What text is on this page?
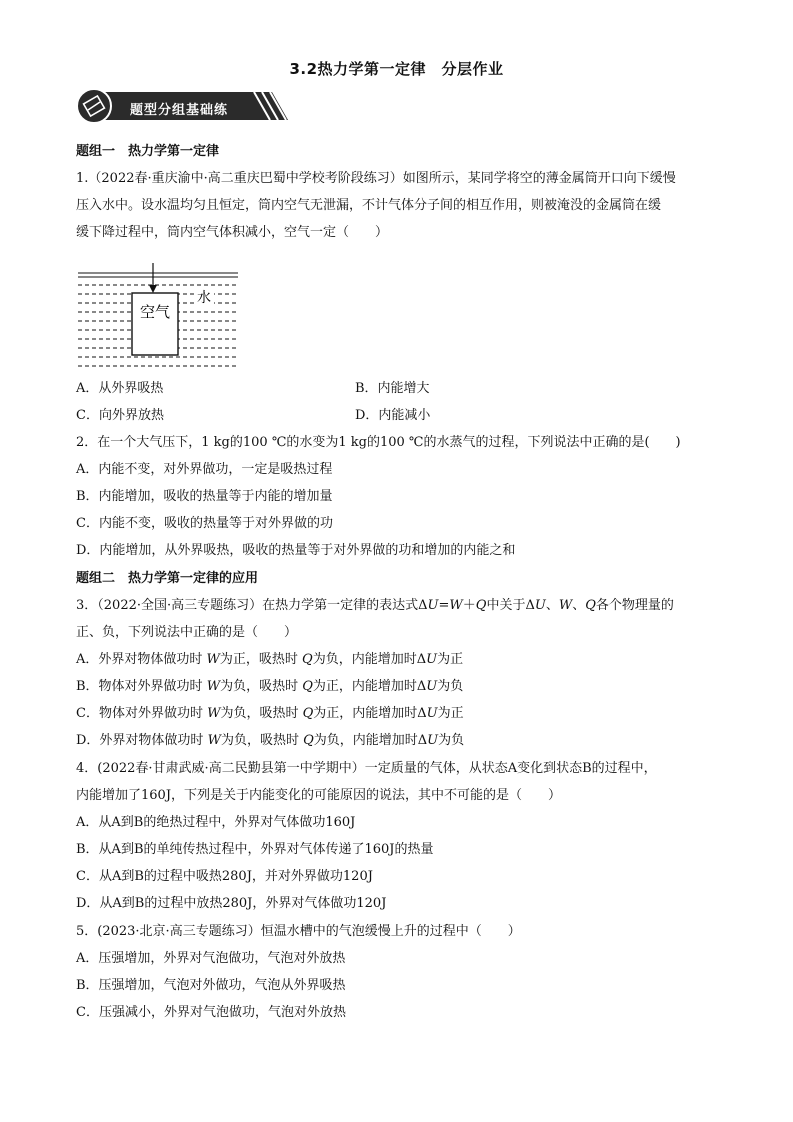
3.2热力学第一定律　分层作业
题型分组基础练
题组一　热力学第一定律
1.（2022春·重庆渝中·高二重庆巴蜀中学校考阶段练习）如图所示，某同学将空的薄金属筒开口向下缓慢
压入水中。设水温均匀且恒定，筒内空气无泄漏，不计气体分子间的相互作用，则被淹没的金属筒在缓
缓下降过程中，筒内空气体积减小，空气一定（　　）
空气
水
A．从外界吸热	B．内能增大
C．向外界放热	D．内能减小
2．在一个大气压下，1 kg的100 ℃的水变为1 kg的100 ℃的水蒸气的过程，下列说法中正确的是(　　)
A．内能不变，对外界做功，一定是吸热过程
B．内能增加，吸收的热量等于内能的增加量
C．内能不变，吸收的热量等于对外界做的功
D．内能增加，从外界吸热，吸收的热量等于对外界做的功和增加的内能之和
题组二　热力学第一定律的应用
3．（2022·全国·高三专题练习）在热力学第一定律的表达式ΔU=W＋Q中关于ΔU、W、Q各个物理量的
正、负，下列说法中正确的是（　　）
A．外界对物体做功时 W为正，吸热时 Q为负，内能增加时ΔU为正
B．物体对外界做功时 W为负，吸热时 Q为正，内能增加时ΔU为负
C．物体对外界做功时 W为负，吸热时 Q为正，内能增加时ΔU为正
D．外界对物体做功时 W为负，吸热时 Q为负，内能增加时ΔU为负
4．(2022春·甘肃武威·高二民勤县第一中学期中）一定质量的气体，从状态A变化到状态B的过程中，
内能增加了160J，下列是关于内能变化的可能原因的说法，其中不可能的是（　　）
A．从A到B的绝热过程中，外界对气体做功160J
B．从A到B的单纯传热过程中，外界对气体传递了160J的热量
C．从A到B的过程中吸热280J，并对外界做功120J
D．从A到B的过程中放热280J，外界对气体做功120J
5．(2023·北京·高三专题练习）恒温水槽中的气泡缓慢上升的过程中（　　）
A．压强增加，外界对气泡做功，气泡对外放热
B．压强增加，气泡对外做功，气泡从外界吸热
C．压强减小，外界对气泡做功，气泡对外放热
